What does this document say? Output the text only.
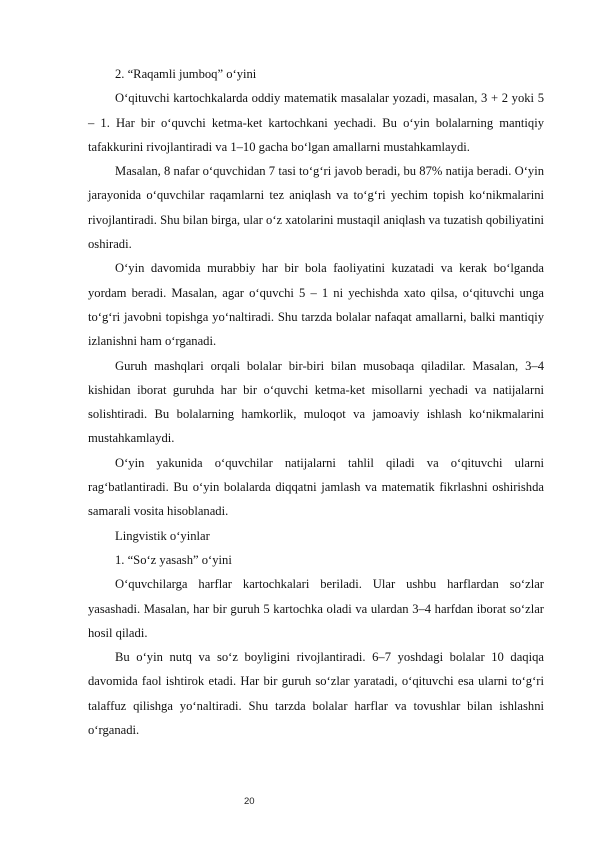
2. “Raqamli jumboq” o‘yini

O‘qituvchi kartochkalarda oddiy matematik masalalar yozadi, masalan, 3 + 2 yoki 5 – 1. Har bir o‘quvchi ketma-ket kartochkani yechadi. Bu o‘yin bolalarning mantiqiy tafakkurini rivojlantiradi va 1–10 gacha bo‘lgan amallarni mustahkamlaydi.

Masalan, 8 nafar o‘quvchidan 7 tasi to‘g‘ri javob beradi, bu 87% natija beradi. O‘yin jarayonida o‘quvchilar raqamlarni tez aniqlash va to‘g‘ri yechim topish ko‘nikmalarini rivojlantiradi. Shu bilan birga, ular o‘z xatolarini mustaqil aniqlash va tuzatish qobiliyatini oshiradi.

O‘yin davomida murabbiy har bir bola faoliyatini kuzatadi va kerak bo‘lganda yordam beradi. Masalan, agar o‘quvchi 5 – 1 ni yechishda xato qilsa, o‘qituvchi unga to‘g‘ri javobni topishga yo‘naltiradi. Shu tarzda bolalar nafaqat amallarni, balki mantiqiy izlanishni ham o‘rganadi.

Guruh mashqlari orqali bolalar bir-biri bilan musobaqa qiladilar. Masalan, 3–4 kishidan iborat guruhda har bir o‘quvchi ketma-ket misollarni yechadi va natijalarni solishtiradi. Bu bolalarning hamkorlik, muloqot va jamoaviy ishlash ko‘nikmalarini mustahkamlaydi.

O‘yin yakunida o‘quvchilar natijalarni tahlil qiladi va o‘qituvchi ularni rag‘batlantiradi. Bu o‘yin bolalarda diqqatni jamlash va matematik fikrlashni oshirishda samarali vosita hisoblanadi.

Lingvistik o‘yinlar

1. “So‘z yasash” o‘yini

O‘quvchilarga harflar kartochkalari beriladi. Ular ushbu harflardan so‘zlar yasashadi. Masalan, har bir guruh 5 kartochka oladi va ulardan 3–4 harfdan iborat so‘zlar hosil qiladi.

Bu o‘yin nutq va so‘z boyligini rivojlantiradi. 6–7 yoshdagi bolalar 10 daqiqa davomida faol ishtirok etadi. Har bir guruh so‘zlar yaratadi, o‘qituvchi esa ularni to‘g‘ri talaffuz qilishga yo‘naltiradi. Shu tarzda bolalar harflar va tovushlar bilan ishlashni o‘rganadi.

20
